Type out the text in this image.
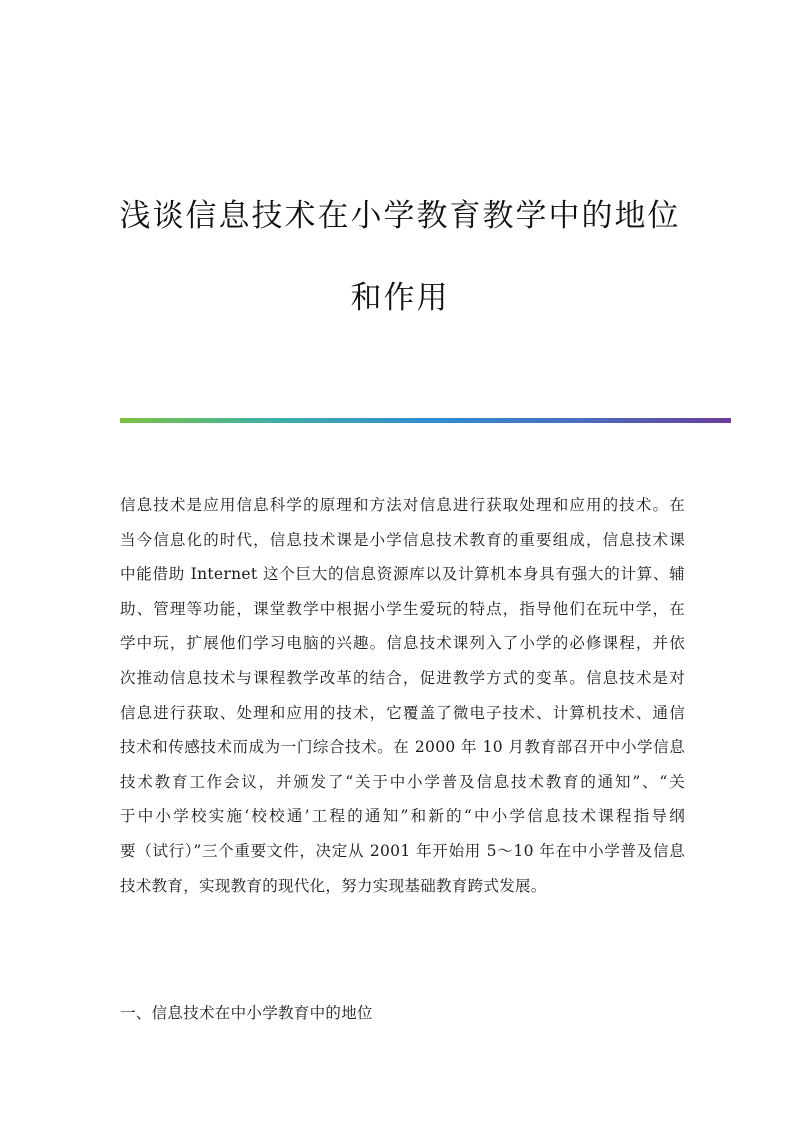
浅谈信息技术在小学教育教学中的地位
和作用
信息技术是应用信息科学的原理和方法对信息进行获取处理和应用的技术。在
当今信息化的时代，信息技术课是小学信息技术教育的重要组成，信息技术课
中能借助 Internet 这个巨大的信息资源库以及计算机本身具有强大的计算、辅
助、管理等功能，课堂教学中根据小学生爱玩的特点，指导他们在玩中学，在
学中玩，扩展他们学习电脑的兴趣。信息技术课列入了小学的必修课程，并依
次推动信息技术与课程教学改革的结合，促进教学方式的变革。信息技术是对
信息进行获取、处理和应用的技术，它覆盖了微电子技术、计算机技术、通信
技术和传感技术而成为一门综合技术。在 2000 年 10 月教育部召开中小学信息
技术教育工作会议，并颁发了“关于中小学普及信息技术教育的通知”、“关
于中小学校实施‘校校通’工程的通知”和新的“中小学信息技术课程指导纲
要（试行）”三个重要文件，决定从 2001 年开始用 5～10 年在中小学普及信息
技术教育，实现教育的现代化，努力实现基础教育跨式发展。
一、信息技术在中小学教育中的地位
